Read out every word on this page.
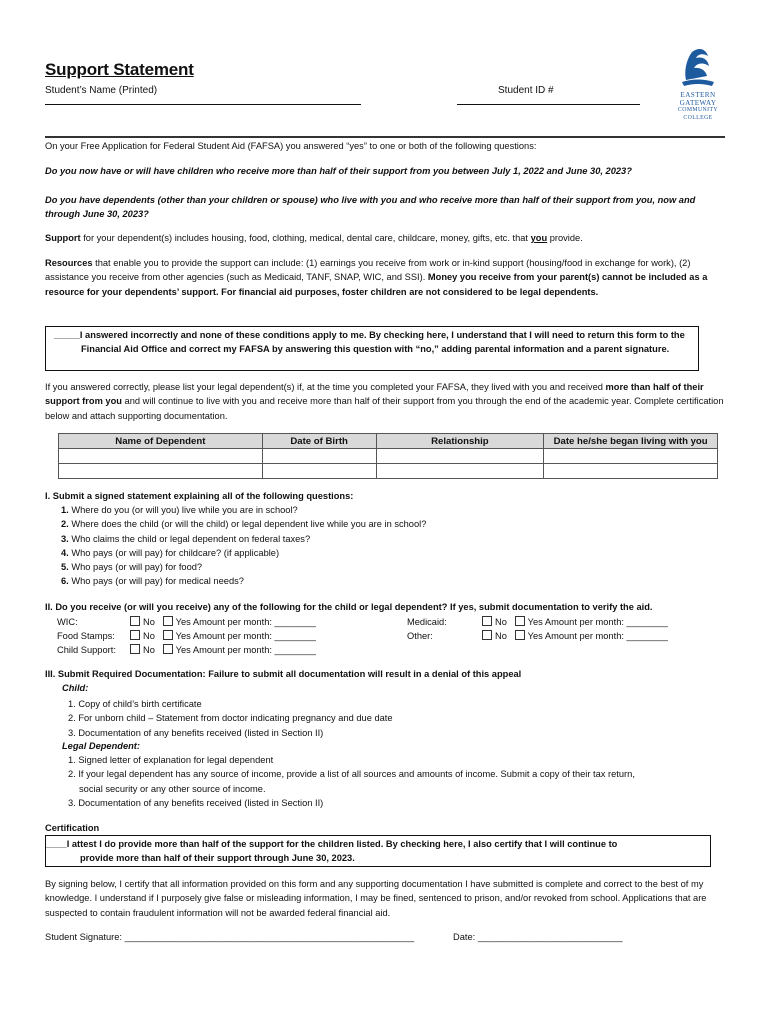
Support Statement
Student’s Name (Printed)	Student ID #	EASTERN
GATEWAY
COMMUNITY
COLLEGE
On your Free Application for Federal Student Aid (FAFSA) you answered “yes” to one or both of the following questions:
Do you now have or will have children who receive more than half of their support from you between July 1, 2022 and June 30, 2023?
Do you have dependents (other than your children or spouse) who live with you and who receive more than half of their support from you, now and through June 30, 2023?
Support for your dependent(s) includes housing, food, clothing, medical, dental care, childcare, money, gifts, etc. that you provide.
Resources that enable you to provide the support can include: (1) earnings you receive from work or in-kind support (housing/food in exchange for work), (2) assistance you receive from other agencies (such as Medicaid, TANF, SNAP, WIC, and SSI). Money you receive from your parent(s) cannot be included as a resource for your dependents’ support. For financial aid purposes, foster children are not considered to be legal dependents.
_____I answered incorrectly and none of these conditions apply to me. By checking here, I understand that I will need to return this form to the Financial Aid Office and correct my FAFSA by answering this question with “no,” adding parental information and a parent signature.
If you answered correctly, please list your legal dependent(s) if, at the time you completed your FAFSA, they lived with you and received more than half of their support from you and will continue to live with you and receive more than half of their support from you through the end of the academic year. Complete certification below and attach supporting documentation.
Name of Dependent	Date of Birth	Relationship	Date he/she began living with you

I. Submit a signed statement explaining all of the following questions:
1. Where do you (or will you) live while you are in school?
2. Where does the child (or will the child) or legal dependent live while you are in school?
3. Who claims the child or legal dependent on federal taxes?
4. Who pays (or will pay) for childcare? (if applicable)
5. Who pays (or will pay) for food?
6. Who pays (or will pay) for medical needs?
II. Do you receive (or will you receive) any of the following for the child or legal dependent? If yes, submit documentation to verify the aid.
WIC:	No Yes Amount per month: ________
Food Stamps:	No Yes Amount per month: ________
Child Support:	No Yes Amount per month: ________
Medicaid:	No Yes Amount per month: ________
Other:	No Yes Amount per month: ________
III. Submit Required Documentation: Failure to submit all documentation will result in a denial of this appeal
Child:
1. Copy of child’s birth certificate
2. For unborn child – Statement from doctor indicating pregnancy and due date
3. Documentation of any benefits received (listed in Section II)
Legal Dependent:
1. Signed letter of explanation for legal dependent
2. If your legal dependent has any source of income, provide a list of all sources and amounts of income. Submit a copy of their tax return,
social security or any other source of income.
3. Documentation of any benefits received (listed in Section II)
Certification
____I attest I do provide more than half of the support for the children listed. By checking here, I also certify that I will continue to
provide more than half of their support through June 30, 2023.
By signing below, I certify that all information provided on this form and any supporting documentation I have submitted is complete and correct to the best of my knowledge. I understand if I purposely give false or misleading information, I may be fined, sentenced to prison, and/or revoked from school. Applications that are suspected to contain fraudulent information will not be awarded federal financial aid.
Student Signature: ________________________________________________________	Date: ____________________________
